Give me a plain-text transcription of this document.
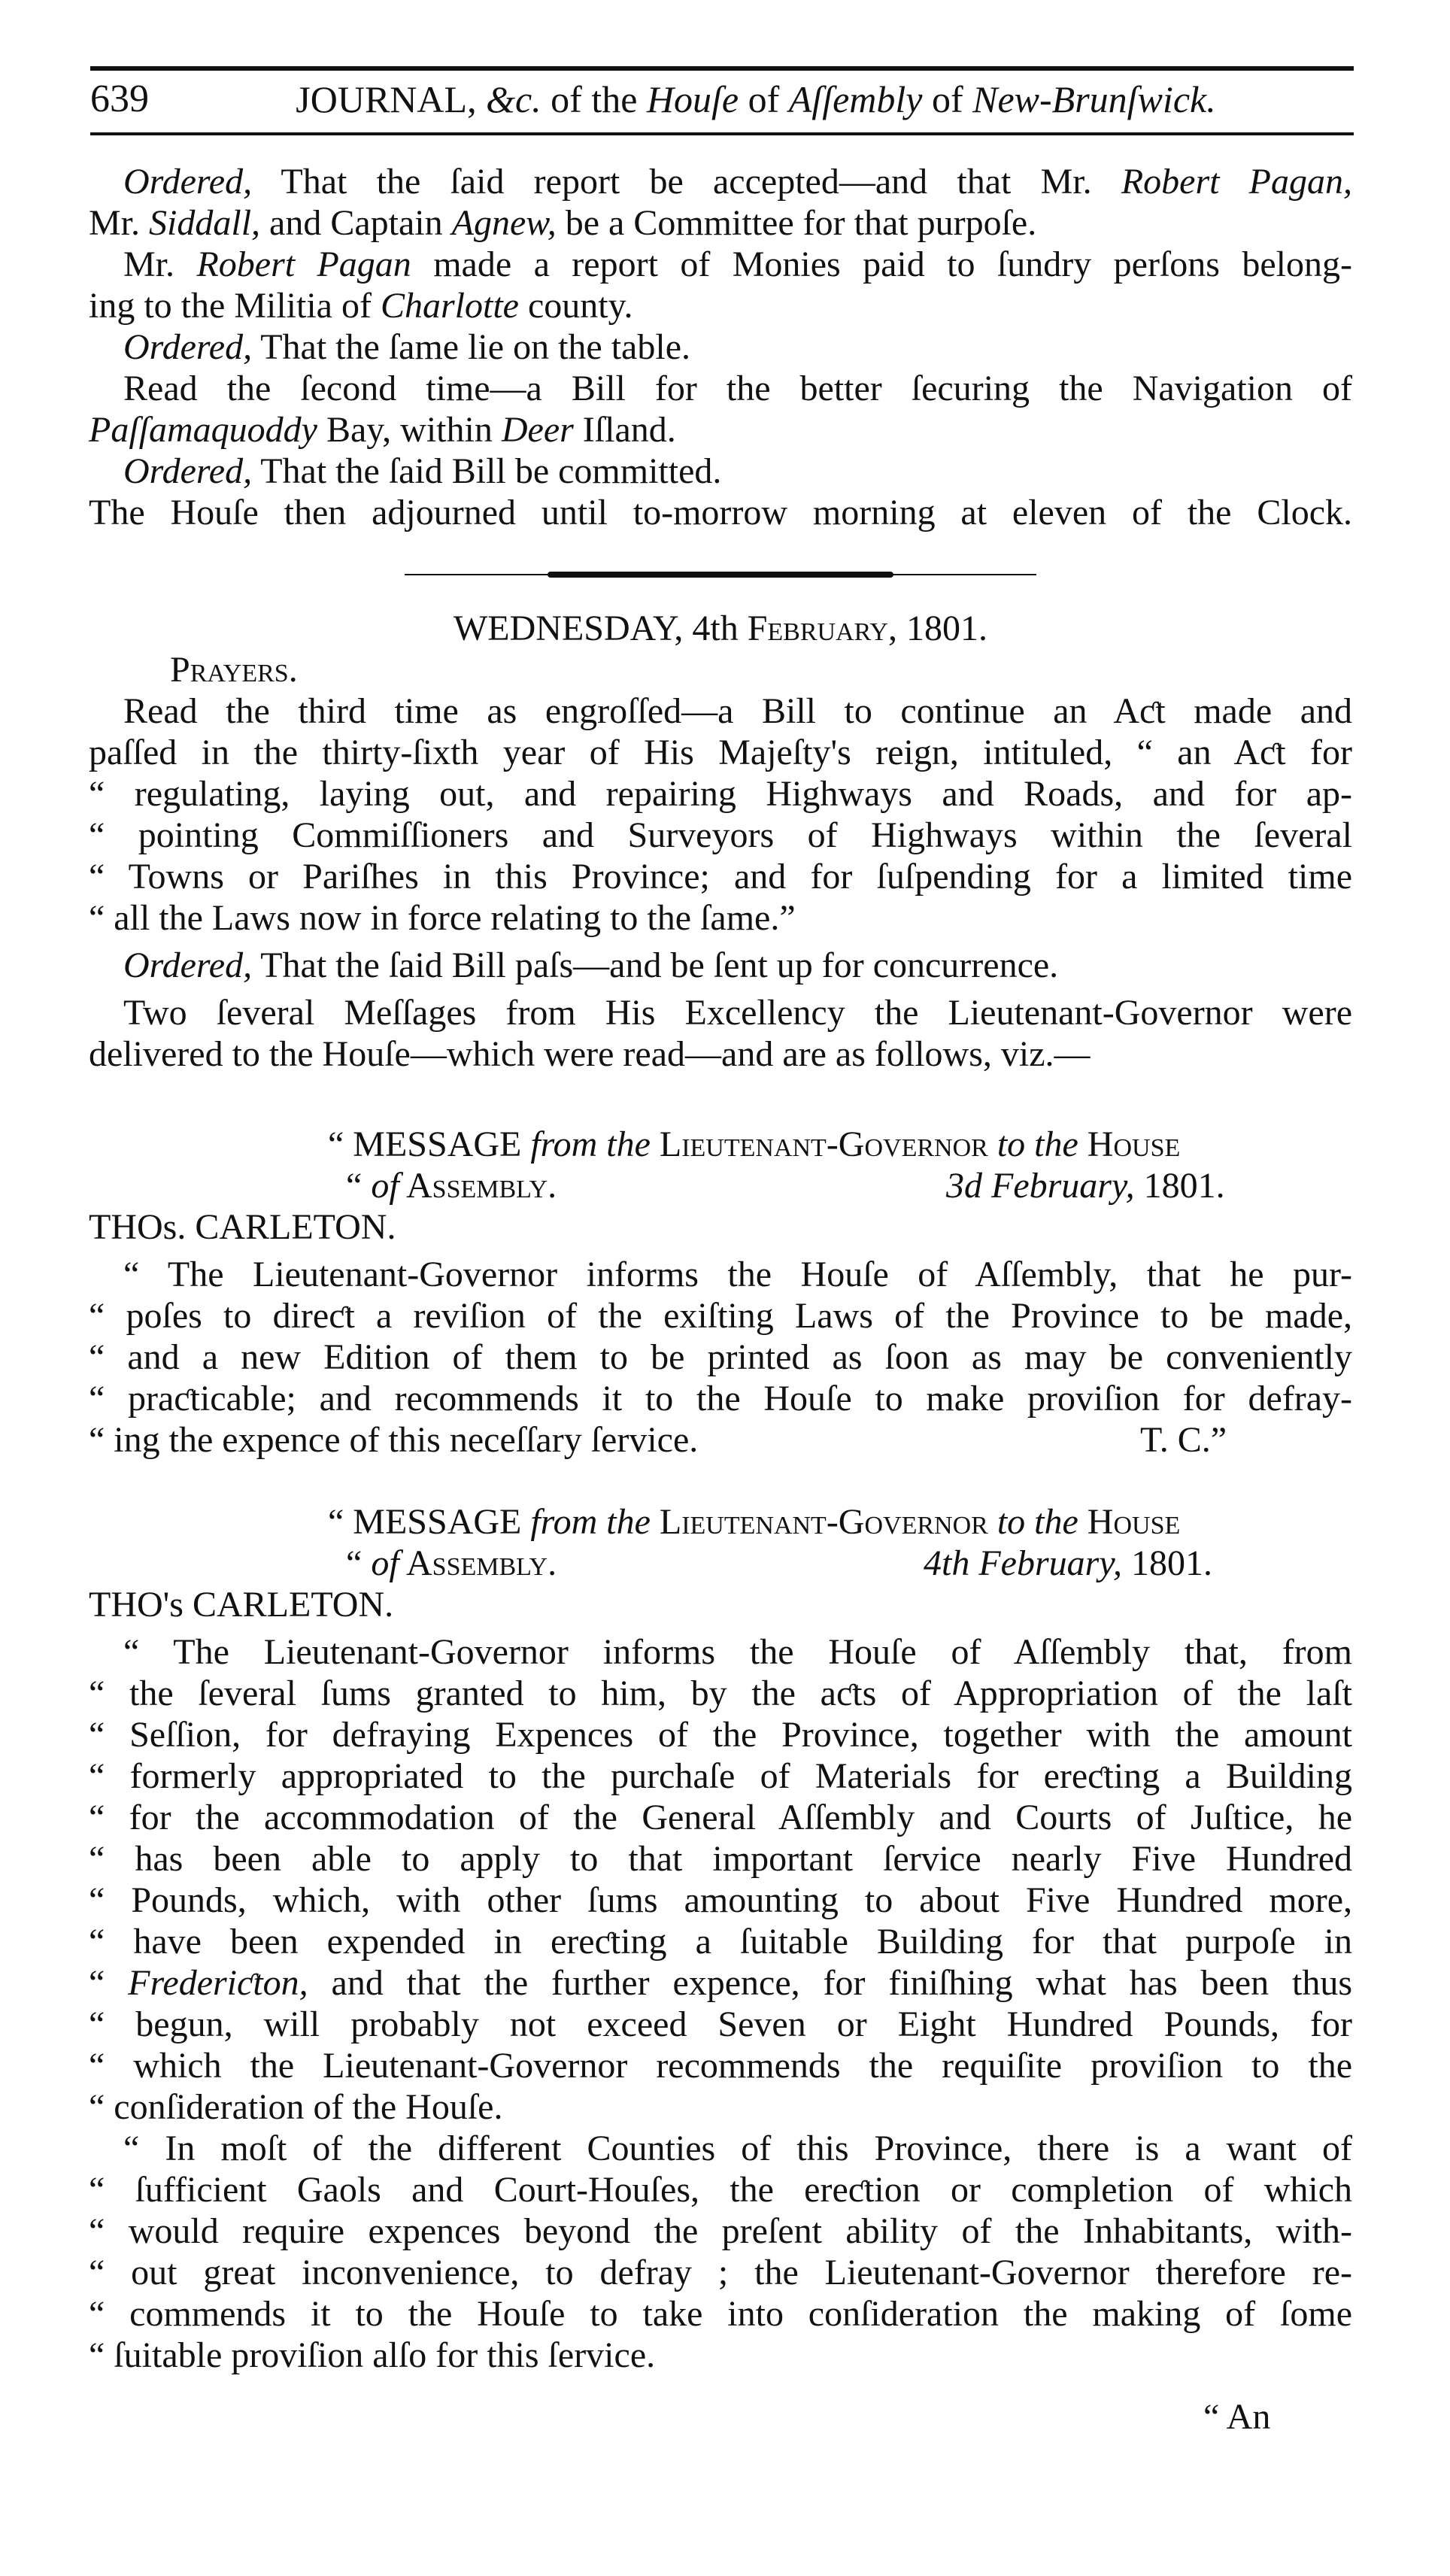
639	JOURNAL, &c. of the Houſe of Aſſembly of New-Brunſwick.
Ordered, That the ſaid report be accepted—and that Mr. Robert Pagan,
Mr. Siddall, and Captain Agnew, be a Committee for that purpoſe.
Mr. Robert Pagan made a report of Monies paid to ſundry perſons belong-
ing to the Militia of Charlotte county.
Ordered, That the ſame lie on the table.
Read the ſecond time—a Bill for the better ſecuring the Navigation of
Paſſamaquoddy Bay, within Deer Iſland.
Ordered, That the ſaid Bill be committed.
The Houſe then adjourned until to-morrow morning at eleven of the Clock.
WEDNESDAY, 4th February, 1801.
Prayers.
Read the third time as engroſſed—a Bill to continue an Aƈt made and
paſſed in the thirty-ſixth year of His Majeſty's reign, intituled, “ an Aƈt for
“ regulating, laying out, and repairing Highways and Roads, and for ap-
“ pointing Commiſſioners and Surveyors of Highways within the ſeveral
“ Towns or Pariſhes in this Province; and for ſuſpending for a limited time
“ all the Laws now in force relating to the ſame.”
Ordered, That the ſaid Bill paſs—and be ſent up for concurrence.
Two ſeveral Meſſages from His Excellency the Lieutenant-Governor were
delivered to the Houſe—which were read—and are as follows, viz.—
“ MESSAGE from the Lieutenant-Governor to the House
“ of Assembly.	3d February, 1801.
THOs. CARLETON.
“ The Lieutenant-Governor informs the Houſe of Aſſembly, that he pur-
“ poſes to direƈt a reviſion of the exiſting Laws of the Province to be made,
“ and a new Edition of them to be printed as ſoon as may be conveniently
“ praƈticable; and recommends it to the Houſe to make proviſion for defray-
“ ing the expence of this neceſſary ſervice.	T. C.”
“ MESSAGE from the Lieutenant-Governor to the House
“ of Assembly.	4th February, 1801.
THO's CARLETON.
“ The Lieutenant-Governor informs the Houſe of Aſſembly that, from
“ the ſeveral ſums granted to him, by the aƈts of Appropriation of the laſt
“ Seſſion, for defraying Expences of the Province, together with the amount
“ formerly appropriated to the purchaſe of Materials for ereƈting a Building
“ for the accommodation of the General Aſſembly and Courts of Juſtice, he
“ has been able to apply to that important ſervice nearly Five Hundred
“ Pounds, which, with other ſums amounting to about Five Hundred more,
“ have been expended in ereƈting a ſuitable Building for that purpoſe in
“ Frederiƈton, and that the further expence, for finiſhing what has been thus
“ begun, will probably not exceed Seven or Eight Hundred Pounds, for
“ which the Lieutenant-Governor recommends the requiſite proviſion to the
“ conſideration of the Houſe.
“ In moſt of the different Counties of this Province, there is a want of
“ ſufficient Gaols and Court-Houſes, the ereƈtion or completion of which
“ would require expences beyond the preſent ability of the Inhabitants, with-
“ out great inconvenience, to defray ; the Lieutenant-Governor therefore re-
“ commends it to the Houſe to take into conſideration the making of ſome
“ ſuitable proviſion alſo for this ſervice.
“ An
